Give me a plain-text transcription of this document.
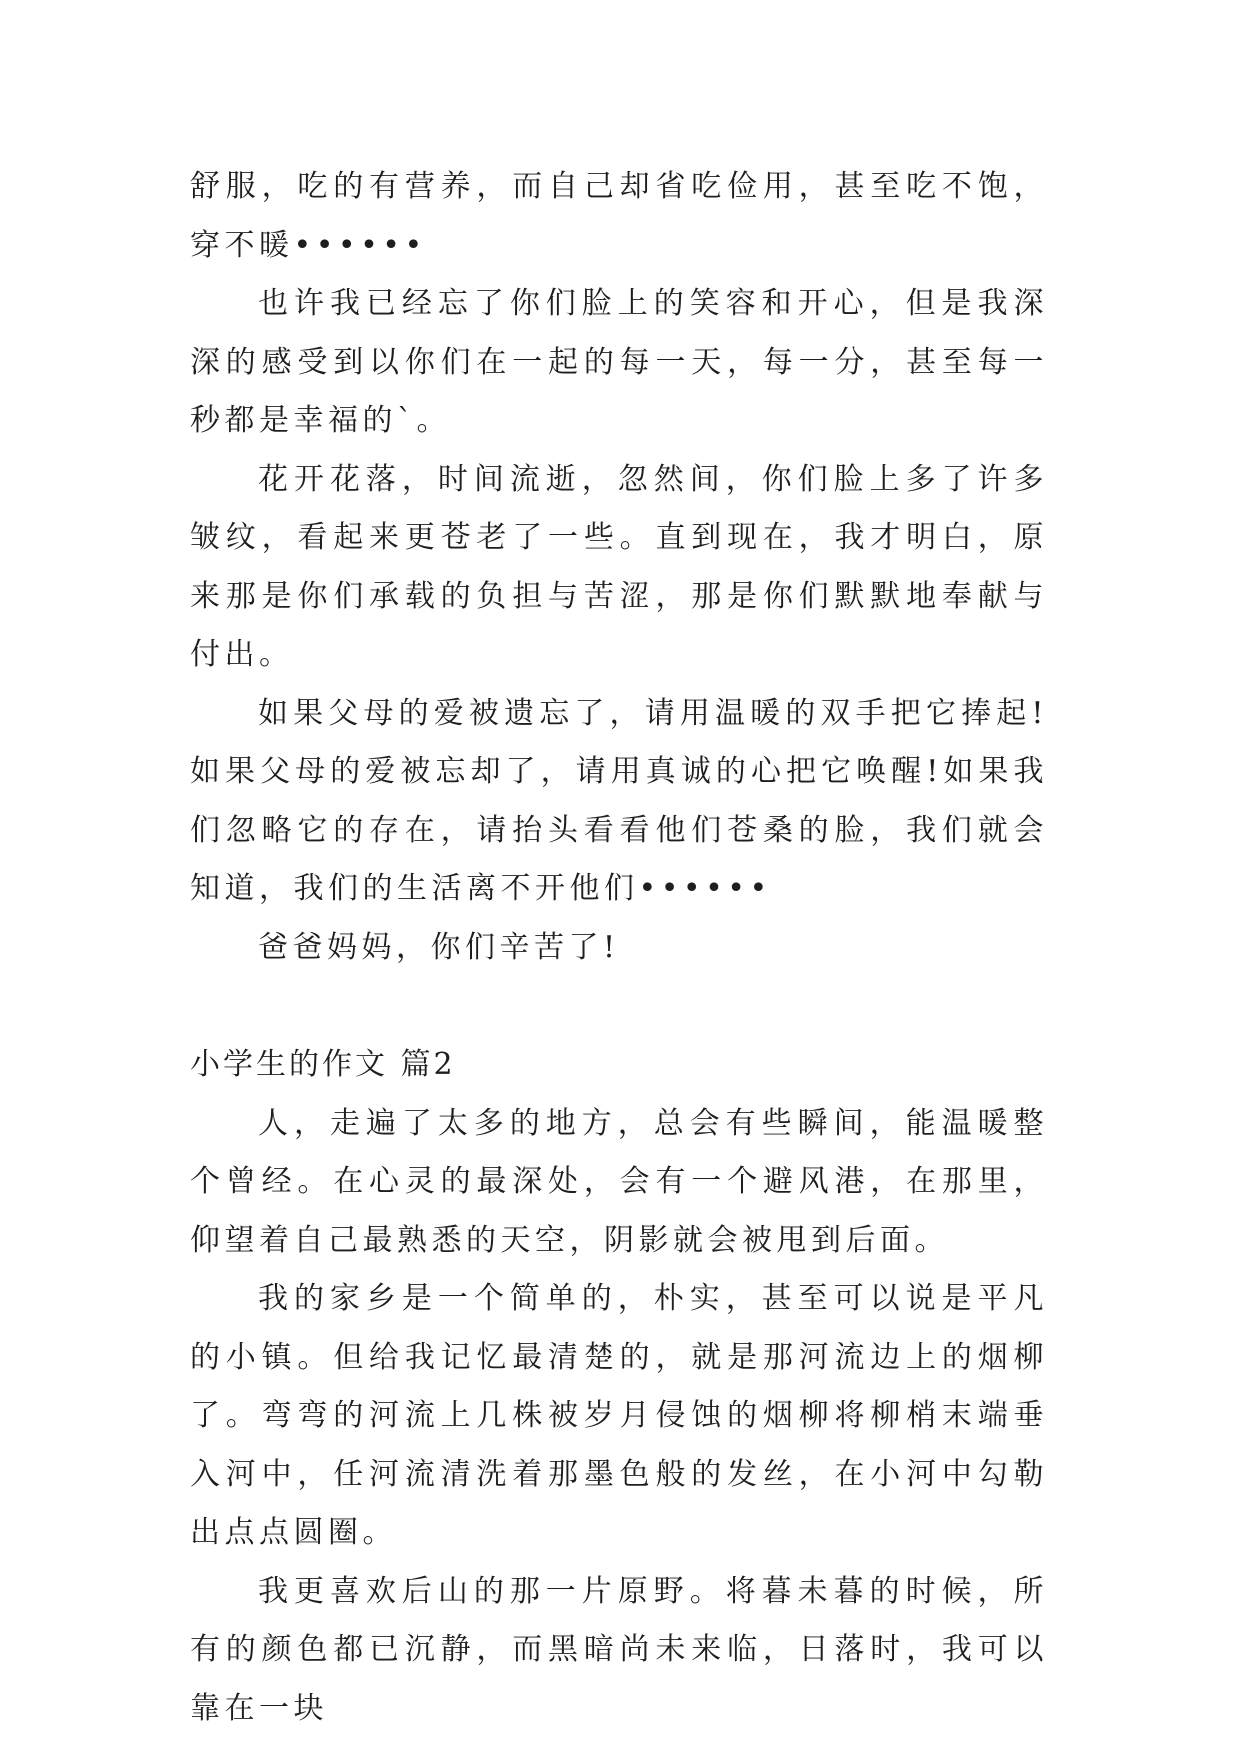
舒服，吃的有营养，而自己却省吃俭用，甚至吃不饱，穿不暖••••••

也许我已经忘了你们脸上的笑容和开心，但是我深深的感受到以你们在一起的每一天，每一分，甚至每一秒都是幸福的`。

花开花落，时间流逝，忽然间，你们脸上多了许多皱纹，看起来更苍老了一些。直到现在，我才明白，原来那是你们承载的负担与苦涩，那是你们默默地奉献与付出。

如果父母的爱被遗忘了，请用温暖的双手把它捧起!如果父母的爱被忘却了，请用真诚的心把它唤醒!如果我们忽略它的存在，请抬头看看他们苍桑的脸，我们就会知道，我们的生活离不开他们••••••

爸爸妈妈，你们辛苦了!

小学生的作文 篇2

人，走遍了太多的地方，总会有些瞬间，能温暖整个曾经。在心灵的最深处，会有一个避风港，在那里，仰望着自己最熟悉的天空，阴影就会被甩到后面。

我的家乡是一个简单的，朴实，甚至可以说是平凡的小镇。但给我记忆最清楚的，就是那河流边上的烟柳了。弯弯的河流上几株被岁月侵蚀的烟柳将柳梢末端垂入河中，任河流清洗着那墨色般的发丝，在小河中勾勒出点点圆圈。

我更喜欢后山的那一片原野。将暮未暮的时候，所有的颜色都已沉静，而黑暗尚未来临，日落时，我可以靠在一块
